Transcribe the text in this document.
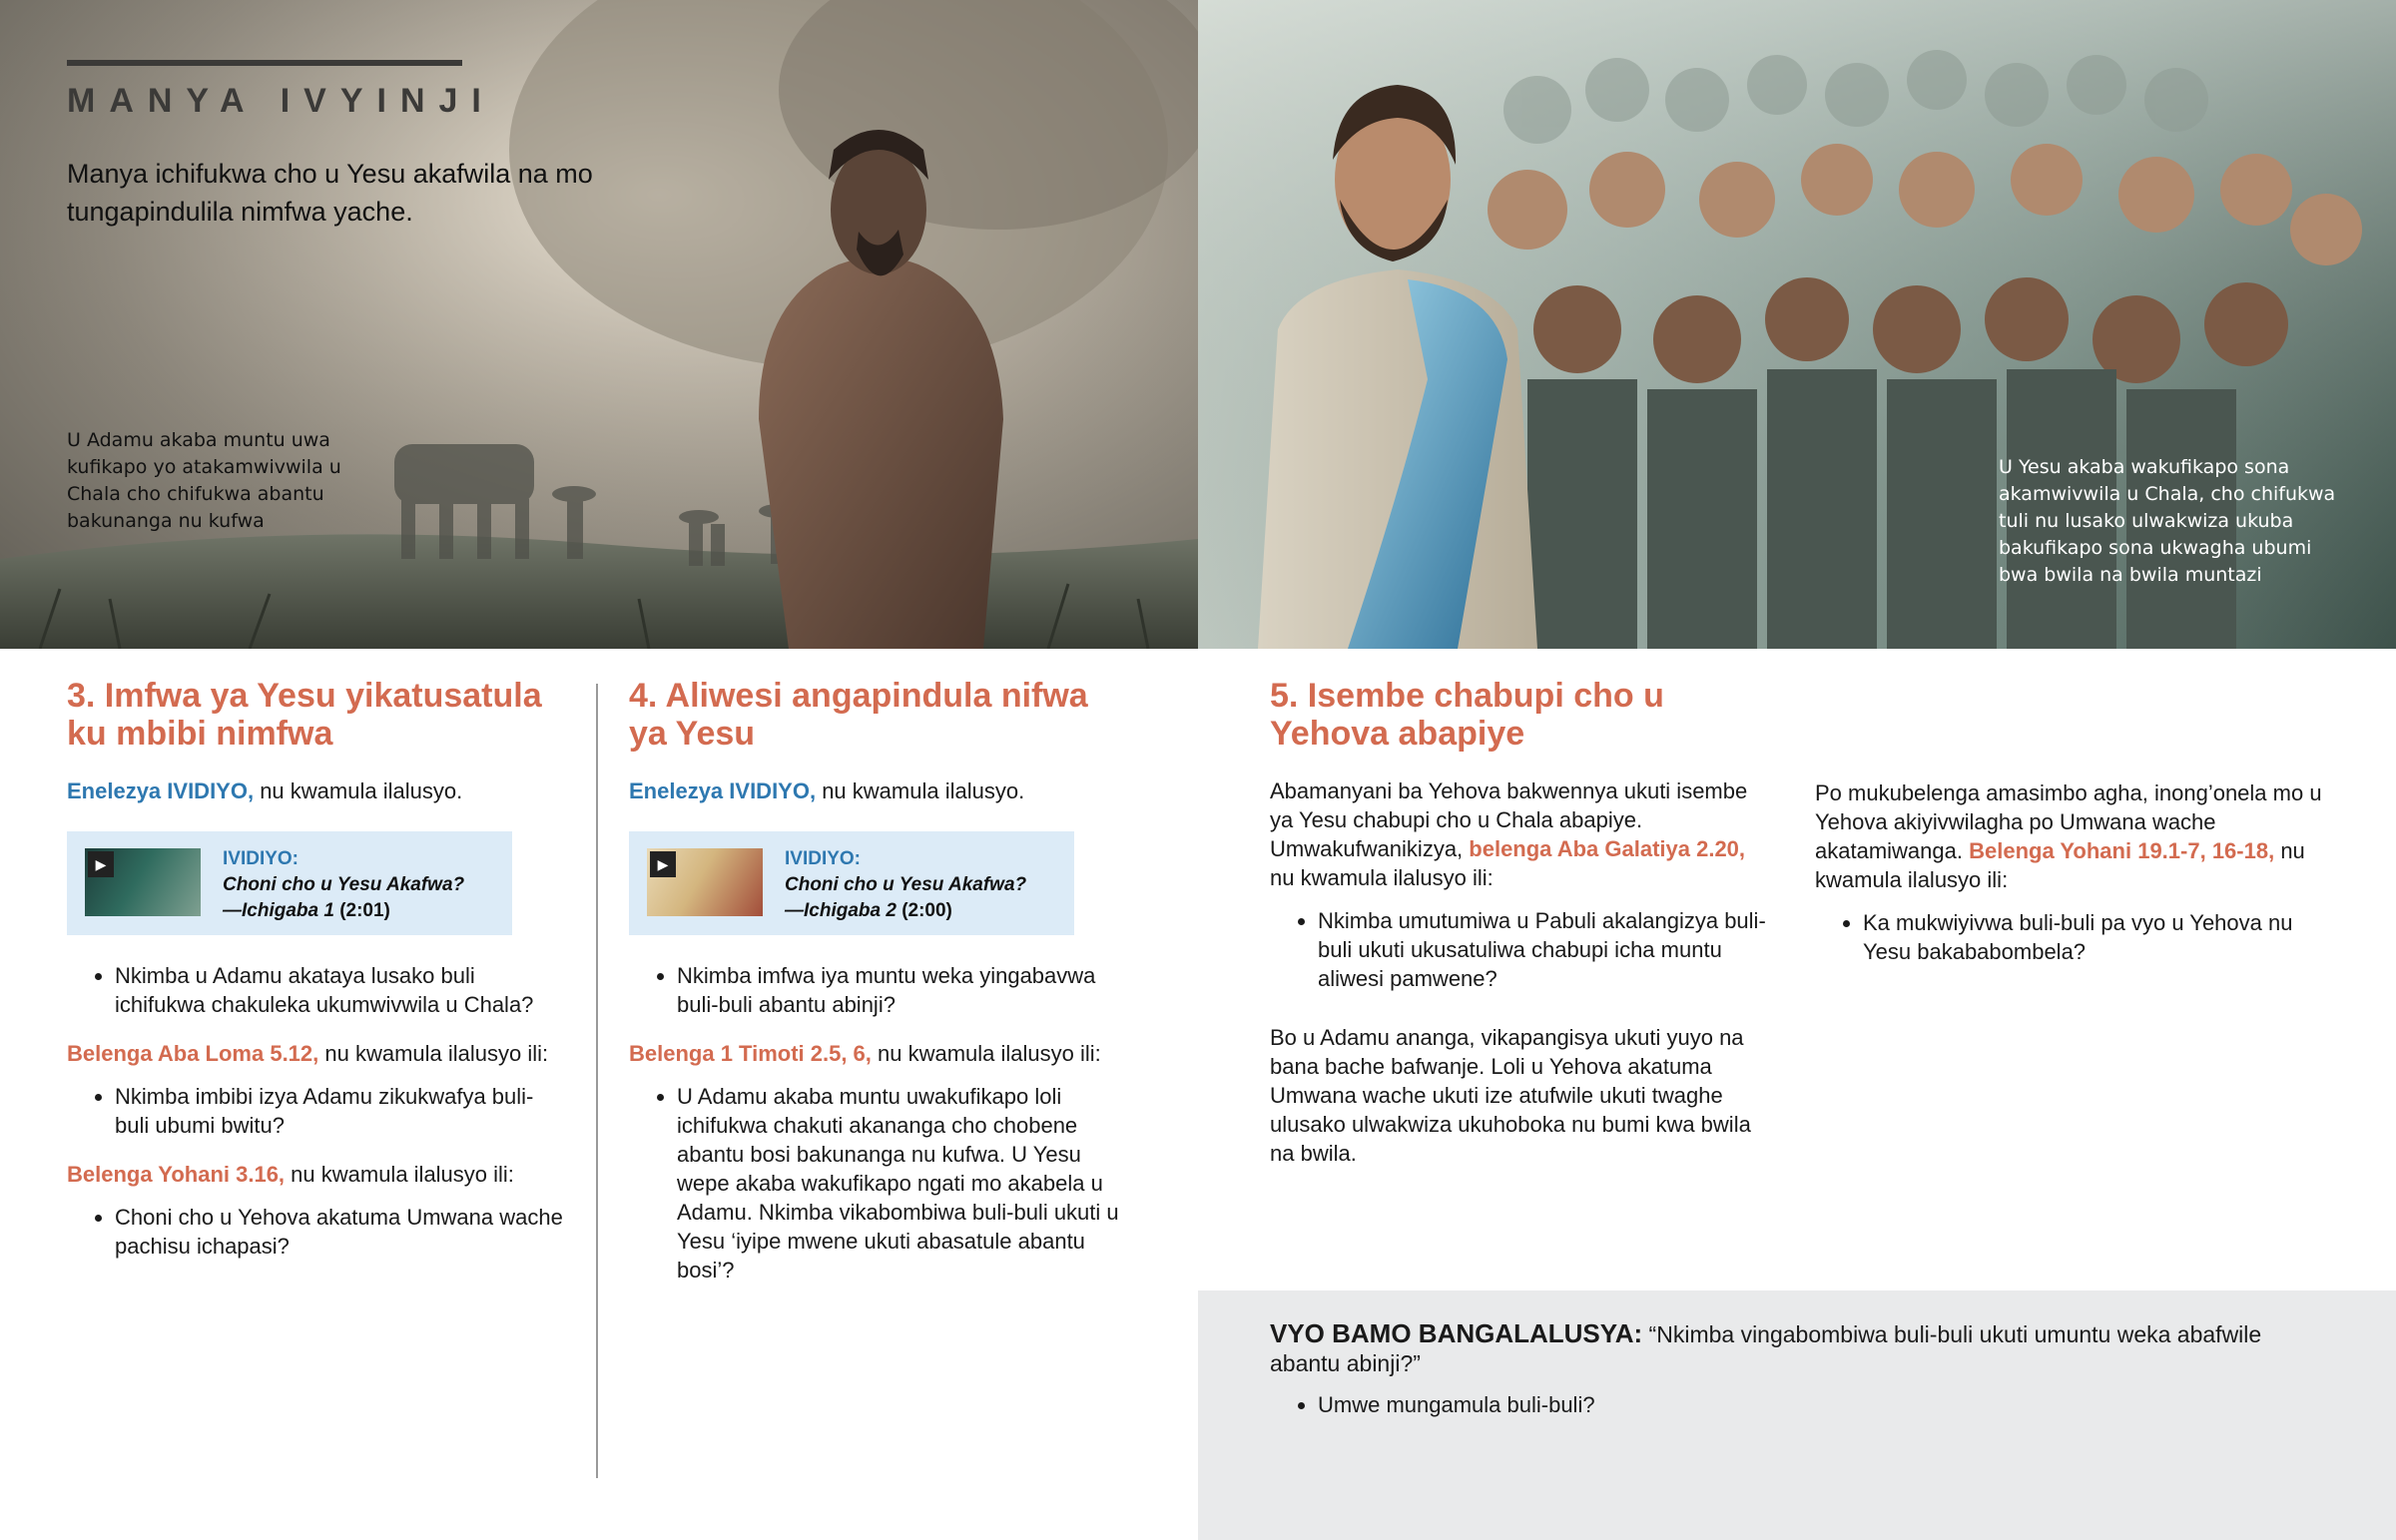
MANYA IVYINJI
Manya ichifukwa cho u Yesu akafwila na mo tungapindulila nimfwa yache.
U Adamu akaba muntu uwa kufikapo yo atakamwivwila u Chala cho chifukwa abantu bakunanga nu kufwa
U Yesu akaba wakufikapo sona akamwivwila u Chala, cho chifukwa tuli nu lusako ulwakwiza ukuba bakufikapo sona ukwagha ubumi bwa bwila na bwila muntazi
3. Imfwa ya Yesu yikatusatula ku mbibi nimfwa

Enelezya IVIDIYO, nu kwamula ilalusyo.

▶	IVIDIYO:
Choni cho u Yesu Akafwa?
—Ichigaba 1 (2:01)
• Nkimba u Adamu akataya lusako buli ichifukwa chakuleka ukumwivwila u Chala?

Belenga Aba Loma 5.12, nu kwamula ilalusyo ili:

• Nkimba imbibi izya Adamu zikukwafya buli-buli ubumi bwitu?

Belenga Yohani 3.16, nu kwamula ilalusyo ili:

• Choni cho u Yehova akatuma Umwana wache pachisu ichapasi?
4. Aliwesi angapindula nifwa ya Yesu

Enelezya IVIDIYO, nu kwamula ilalusyo.

▶	IVIDIYO:
Choni cho u Yesu Akafwa?
—Ichigaba 2 (2:00)
• Nkimba imfwa iya muntu weka yingabavwa buli-buli abantu abinji?

Belenga 1 Timoti 2.5, 6, nu kwamula ilalusyo ili:

• U Adamu akaba muntu uwakufikapo loli ichifukwa chakuti akananga cho chobene abantu bosi bakunanga nu kufwa. U Yesu wepe akaba wakufikapo ngati mo akabela u Adamu. Nkimba vikabombiwa buli-buli ukuti u Yesu ‘iyipe mwene ukuti abasatule abantu bosi’?
5. Isembe chabupi cho u Yehova abapiye

Abamanyani ba Yehova bakwennya ukuti isembe ya Yesu chabupi cho u Chala abapiye. Umwakufwanikizya, belenga Aba Galatiya 2.20, nu kwamula ilalusyo ili:

• Nkimba umutumiwa u Pabuli akalangizya buli-buli ukuti ukusatuliwa chabupi icha muntu aliwesi pamwene?

Bo u Adamu ananga, vikapangisya ukuti yuyo na bana bache bafwanje. Loli u Yehova akatuma Umwana wache ukuti ize atufwile ukuti twaghe ulusako ulwakwiza ukuhoboka nu bumi kwa bwila na bwila.

Po mukubelenga amasimbo agha, inong’onela mo u Yehova akiyivwilagha po Umwana wache akatamiwanga. Belenga Yohani 19.1-7, 16-18, nu kwamula ilalusyo ili:

• Ka mukwiyivwa buli-buli pa vyo u Yehova nu Yesu bakababombela?
VYO BAMO BANGALALUSYA: “Nkimba vingabombiwa buli-buli ukuti umuntu weka abafwile abantu abinji?”
• Umwe mungamula buli-buli?
